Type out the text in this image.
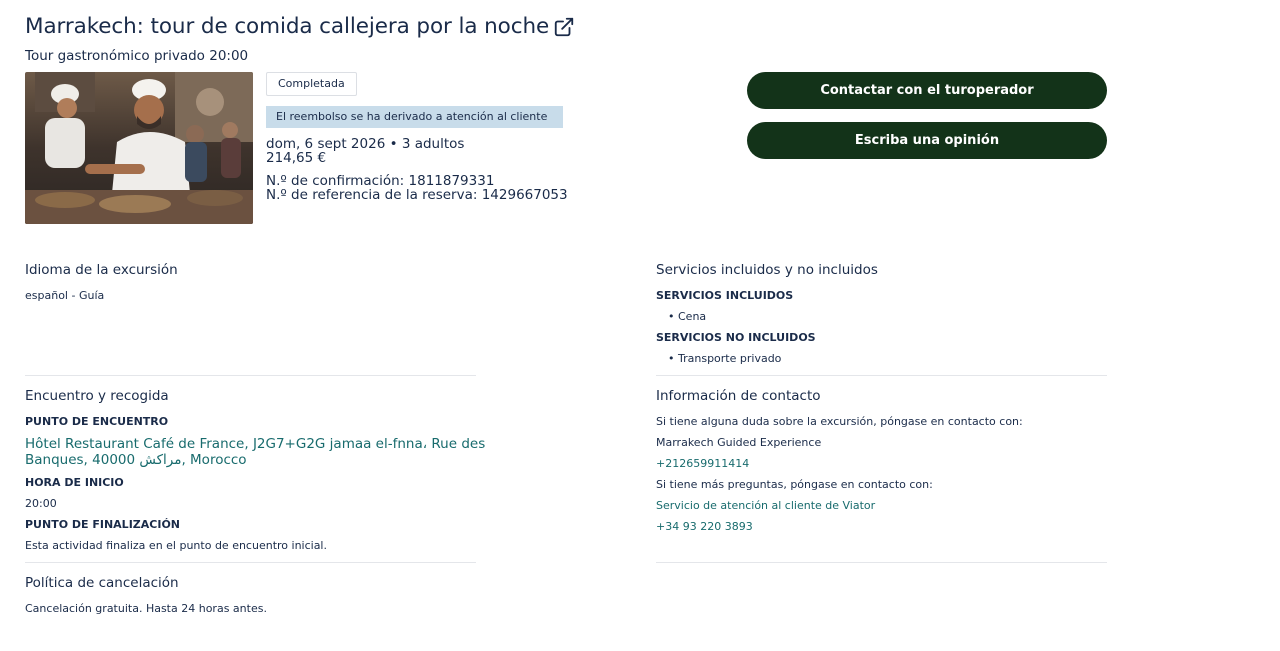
Marrakech: tour de comida callejera por la noche
Tour gastronómico privado 20:00
Completada
El reembolso se ha derivado a atención al cliente
dom, 6 sept 2026 • 3 adultos
214,65 €
N.º de confirmación: 1811879331
N.º de referencia de la reserva: 1429667053
Contactar con el turoperador
Escriba una opinión
Idioma de la excursión
español - Guía
Servicios incluidos y no incluidos
SERVICIOS INCLUIDOS
• Cena
SERVICIOS NO INCLUIDOS
• Transporte privado
Encuentro y recogida
PUNTO DE ENCUENTRO
Hôtel Restaurant Café de France, J2G7+G2G jamaa el-fnna، Rue des
Banques, 40000 مراكش, Morocco
HORA DE INICIO
20:00
PUNTO DE FINALIZACIÓN
Esta actividad finaliza en el punto de encuentro inicial.
Información de contacto
Si tiene alguna duda sobre la excursión, póngase en contacto con:
Marrakech Guided Experience
+212659911414
Si tiene más preguntas, póngase en contacto con:
Servicio de atención al cliente de Viator
+34 93 220 3893
Política de cancelación
Cancelación gratuita. Hasta 24 horas antes.
